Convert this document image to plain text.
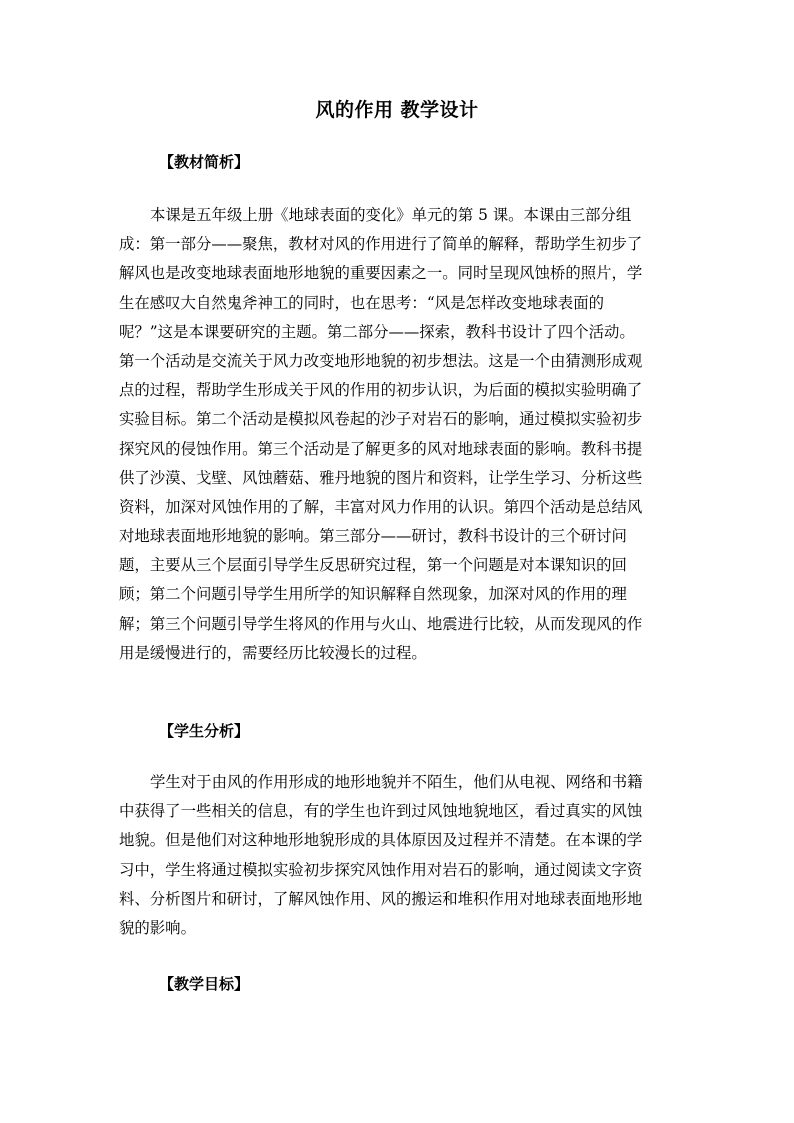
风的作用 教学设计
【教材简析】
本课是五年级上册《地球表面的变化》单元的第 5 课。本课由三部分组
成：第一部分——聚焦，教材对风的作用进行了简单的解释，帮助学生初步了
解风也是改变地球表面地形地貌的重要因素之一。同时呈现风蚀桥的照片，学
生在感叹大自然鬼斧神工的同时，也在思考：“风是怎样改变地球表面的
呢？”这是本课要研究的主题。第二部分——探索，教科书设计了四个活动。
第一个活动是交流关于风力改变地形地貌的初步想法。这是一个由猜测形成观
点的过程，帮助学生形成关于风的作用的初步认识，为后面的模拟实验明确了
实验目标。第二个活动是模拟风卷起的沙子对岩石的影响，通过模拟实验初步
探究风的侵蚀作用。第三个活动是了解更多的风对地球表面的影响。教科书提
供了沙漠、戈壁、风蚀蘑菇、雅丹地貌的图片和资料，让学生学习、分析这些
资料，加深对风蚀作用的了解，丰富对风力作用的认识。第四个活动是总结风
对地球表面地形地貌的影响。第三部分——研讨，教科书设计的三个研讨问
题，主要从三个层面引导学生反思研究过程，第一个问题是对本课知识的回
顾；第二个问题引导学生用所学的知识解释自然现象，加深对风的作用的理
解；第三个问题引导学生将风的作用与火山、地震进行比较，从而发现风的作
用是缓慢进行的，需要经历比较漫长的过程。
【学生分析】
学生对于由风的作用形成的地形地貌并不陌生，他们从电视、网络和书籍
中获得了一些相关的信息，有的学生也许到过风蚀地貌地区，看过真实的风蚀
地貌。但是他们对这种地形地貌形成的具体原因及过程并不清楚。在本课的学
习中，学生将通过模拟实验初步探究风蚀作用对岩石的影响，通过阅读文字资
料、分析图片和研讨，了解风蚀作用、风的搬运和堆积作用对地球表面地形地
貌的影响。
【教学目标】
